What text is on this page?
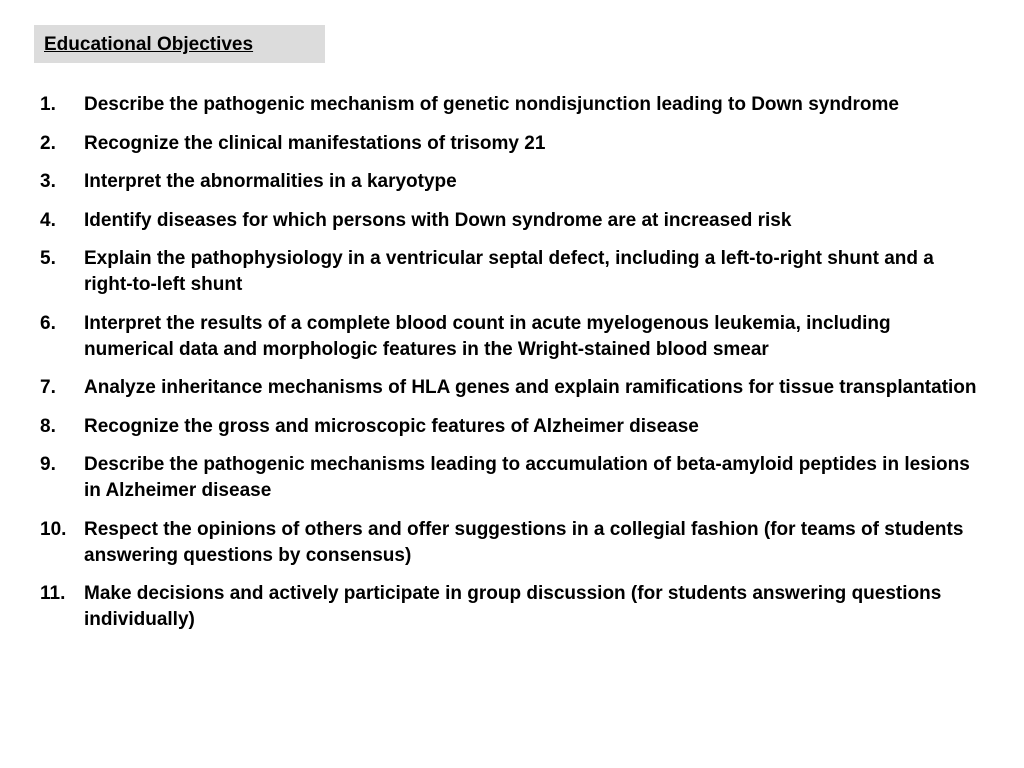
Educational Objectives
1.	Describe the pathogenic mechanism of genetic nondisjunction leading to Down syndrome
2.	Recognize the clinical manifestations of trisomy 21
3.	Interpret the abnormalities in a karyotype
4.	Identify diseases for which persons with Down syndrome are at increased risk
5.	Explain the pathophysiology in a ventricular septal defect, including a left-to-right shunt and a right-to-left shunt
6.	Interpret the results of a complete blood count in acute myelogenous leukemia, including numerical data and morphologic features in the Wright-stained blood smear
7.	Analyze inheritance mechanisms of HLA genes and explain ramifications for tissue transplantation
8.	Recognize the gross and microscopic features of Alzheimer disease
9.	Describe the pathogenic mechanisms leading to accumulation of beta-amyloid peptides in lesions in Alzheimer disease
10. Respect the opinions of others and offer suggestions in a collegial fashion (for teams of students answering questions by consensus)
11. Make decisions and actively participate in group discussion (for students answering questions individually)
